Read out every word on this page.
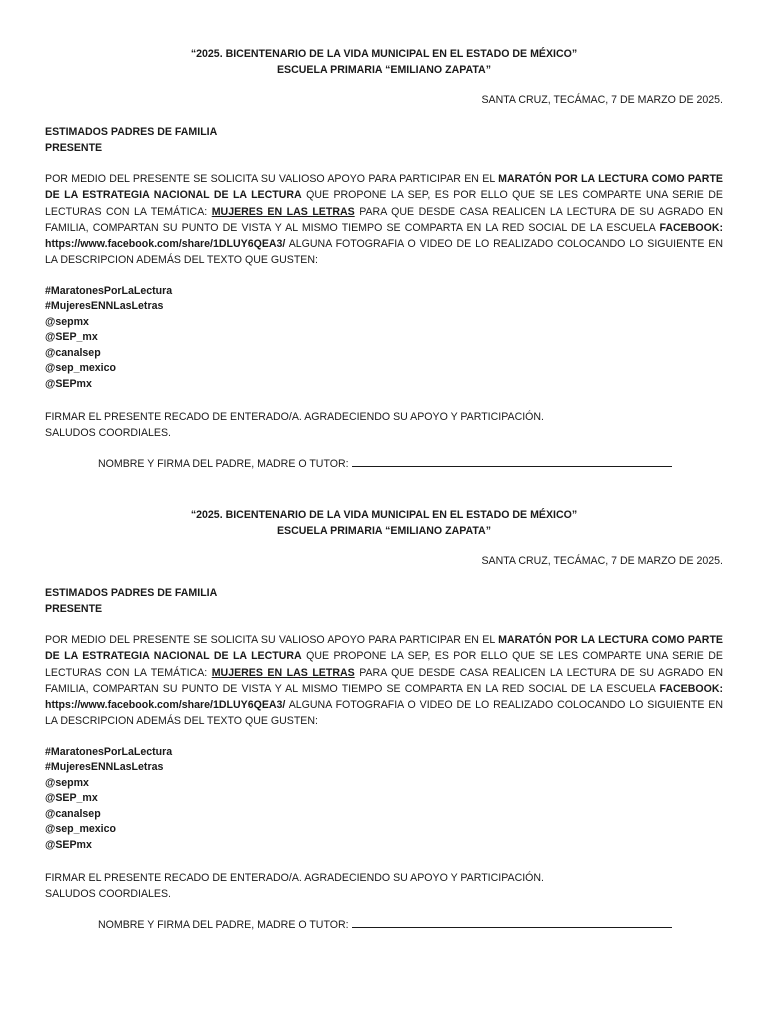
“2025. BICENTENARIO DE LA VIDA MUNICIPAL EN EL ESTADO DE MÉXICO”
ESCUELA PRIMARIA “EMILIANO ZAPATA”
SANTA CRUZ, TECÁMAC, 7 DE MARZO DE 2025.
ESTIMADOS PADRES DE FAMILIA
PRESENTE
POR MEDIO DEL PRESENTE SE SOLICITA SU VALIOSO APOYO PARA PARTICIPAR EN EL MARATÓN POR LA LECTURA COMO PARTE DE LA ESTRATEGIA NACIONAL DE LA LECTURA QUE PROPONE LA SEP, ES POR ELLO QUE SE LES COMPARTE UNA SERIE DE LECTURAS CON LA TEMÁTICA: MUJERES EN LAS LETRAS PARA QUE DESDE CASA REALICEN LA LECTURA DE SU AGRADO EN FAMILIA, COMPARTAN SU PUNTO DE VISTA Y AL MISMO TIEMPO SE COMPARTA EN LA RED SOCIAL DE LA ESCUELA FACEBOOK: https://www.facebook.com/share/1DLUY6QEA3/ ALGUNA FOTOGRAFIA O VIDEO DE LO REALIZADO COLOCANDO LO SIGUIENTE EN LA DESCRIPCION ADEMÁS DEL TEXTO QUE GUSTEN:
#MaratonesPorLaLectura
#MujeresENNLasLetras
@sepmx
@SEP_mx
@canalsep
@sep_mexico
@SEPmx
FIRMAR EL PRESENTE RECADO DE ENTERADO/A. AGRADECIENDO SU APOYO Y PARTICIPACIÓN.
SALUDOS COORDIALES.
NOMBRE Y FIRMA DEL PADRE, MADRE O TUTOR:
“2025. BICENTENARIO DE LA VIDA MUNICIPAL EN EL ESTADO DE MÉXICO”
ESCUELA PRIMARIA “EMILIANO ZAPATA”
SANTA CRUZ, TECÁMAC, 7 DE MARZO DE 2025.
ESTIMADOS PADRES DE FAMILIA
PRESENTE
POR MEDIO DEL PRESENTE SE SOLICITA SU VALIOSO APOYO PARA PARTICIPAR EN EL MARATÓN POR LA LECTURA COMO PARTE DE LA ESTRATEGIA NACIONAL DE LA LECTURA QUE PROPONE LA SEP, ES POR ELLO QUE SE LES COMPARTE UNA SERIE DE LECTURAS CON LA TEMÁTICA: MUJERES EN LAS LETRAS PARA QUE DESDE CASA REALICEN LA LECTURA DE SU AGRADO EN FAMILIA, COMPARTAN SU PUNTO DE VISTA Y AL MISMO TIEMPO SE COMPARTA EN LA RED SOCIAL DE LA ESCUELA FACEBOOK: https://www.facebook.com/share/1DLUY6QEA3/ ALGUNA FOTOGRAFIA O VIDEO DE LO REALIZADO COLOCANDO LO SIGUIENTE EN LA DESCRIPCION ADEMÁS DEL TEXTO QUE GUSTEN:
#MaratonesPorLaLectura
#MujeresENNLasLetras
@sepmx
@SEP_mx
@canalsep
@sep_mexico
@SEPmx
FIRMAR EL PRESENTE RECADO DE ENTERADO/A. AGRADECIENDO SU APOYO Y PARTICIPACIÓN.
SALUDOS COORDIALES.
NOMBRE Y FIRMA DEL PADRE, MADRE O TUTOR:
